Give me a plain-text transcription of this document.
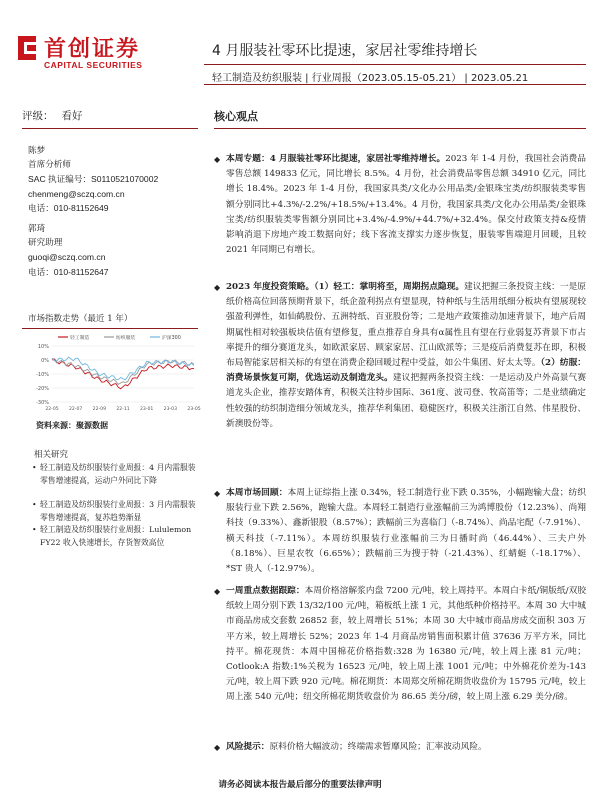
首创证券
CAPITAL SECURITIES
4 月服装社零环比提速，家居社零维持增长
轻工制造及纺织服装 | 行业周报（2023.05.15-05.21） | 2023.05.21
评级： 看好	核心观点
陈梦
首席分析师
SAC 执证编号：S0110521070002
chenmeng@sczq.com.cn
电话：010-81152649
郭琦
研究助理
guoqi@sczq.com.cn
电话：010-81152647
市场指数走势（最近 1 年）
轻工制造	纺织服装	沪深300
10%
0%
-10%
-20%
-30%
22-05 22-07 22-09 22-11 23-01 23-03 23-05
资料来源：聚源数据
相关研究
• 轻工制造及纺织服装行业周报：4 月内需服装零售增速提高，运动户外同比下降
• 轻工制造及纺织服装行业周报：3 月内需服装零售增速提高，复苏趋势渐显
• 轻工制造及纺织服装行业周报：Lululemon FY22 收入快速增长，存货智效高位
◆ 本周专题：4 月服装社零环比提速，家居社零维持增长。2023 年 1-4 月份，我国社会消费品零售总额 149833 亿元，同比增长 8.5%。4 月份，社会消费品零售总额 34910 亿元，同比增长 18.4%。2023 年 1-4 月份，我国家具类/文化办公用品类/金银珠宝类/纺织服装类零售额分别同比+4.3%/-2.2%/+18.5%/+13.4%。4 月份，我国家具类/文化办公用品类/金银珠宝类/纺织服装类零售额分别同比+3.4%/-4.9%/+44.7%/+32.4%。保交付政策支持&疫情影响消退下房地产竣工数据向好；线下客流支撑实力逐步恢复，服装零售端迎月回暖，且较 2021 年同期已有增长。
◆ 2023 年度投资策略。（1）轻工：掌明将至，周期拐点隐现。建议把握三条投资主线：一是原纸价格高位回落预期背景下，纸企盈利拐点有望显现，特种纸与生活用纸细分板块有望展现较强盈利弹性，如仙鹤股份、五洲特纸、百亚股份等；二是地产政策推动加速背景下，地产后周期属性相对较强板块估值有望修复，重点推荐自身具有α属性且有望在行业弱复苏背景下市占率提升的细分赛道龙头，如欧派家居、顾家家居、江山欧派等；三是疫后消费复苏在即，积极布局智能家居相关标的有望在消费企稳回暖过程中受益，如公牛集团、好太太等。（2）纺服：消费场景恢复可期，优选运动及制造龙头。建议把握两条投资主线：一是运动及户外高景气赛道龙头企业，推荐安踏体育，积极关注特步国际、361度、波司登、牧高笛等；二是业绩确定性较强的纺织制造细分领域龙头，推荐华利集团、稳健医疗，积极关注浙江自然、伟星股份、新澳股份等。
◆ 本周市场回顾：本周上证综指上涨 0.34%，轻工制造行业下跌 0.35%，小幅跑输大盘；纺织服装行业下跌 2.56%，跑输大盘。本周轻工制造行业涨幅前三为鸿博股份（12.23%）、尚翔科技（9.33%）、鑫新银股（8.57%）；跌幅前三为喜临门（-8.74%）、尚品宅配（-7.91%）、横天科技（-7.11%）。本周纺织服装行业涨幅前三为日播时尚（46.44%）、三夫户外（8.18%）、巨星农牧（6.65%）；跌幅前三为搜于特（-21.43%）、红蜻蜓（-18.17%）、*ST 贵人（-12.97%）。
◆ 一周重点数据跟踪：本周价格溶解浆内盘 7200 元/吨，较上周持平。本周白卡纸/铜版纸/双胶纸较上周分别下跌 13/32/100 元/吨，箱板纸上涨 1 元，其他纸种价格持平。本周 30 大中城市商品房成交套数 26852 套，较上周增长 51%；本周 30 大中城市商品房成交面积 303 万平方米，较上周增长 52%；2023 年 1-4 月商品房销售面积累计值 37636 万平方米，同比持平。棉花现货：本周中国棉花价格指数:328 为 16380 元/吨，较上周上涨 81 元/吨；Cotlook:A 指数:1%关税为 16523 元/吨，较上周上涨 1001 元/吨；中外棉花价差为-143 元/吨，较上周下跌 920 元/吨。棉花期货：本周郑交所棉花期货收盘价为 15795 元/吨，较上周上涨 540 元/吨；纽交所棉花期货收盘价为 86.65 美分/磅，较上周上涨 6.29 美分/磅。
◆ 风险提示：原料价格大幅波动；终端需求暂靡风险；汇率波动风险。
请务必阅读本报告最后部分的重要法律声明
